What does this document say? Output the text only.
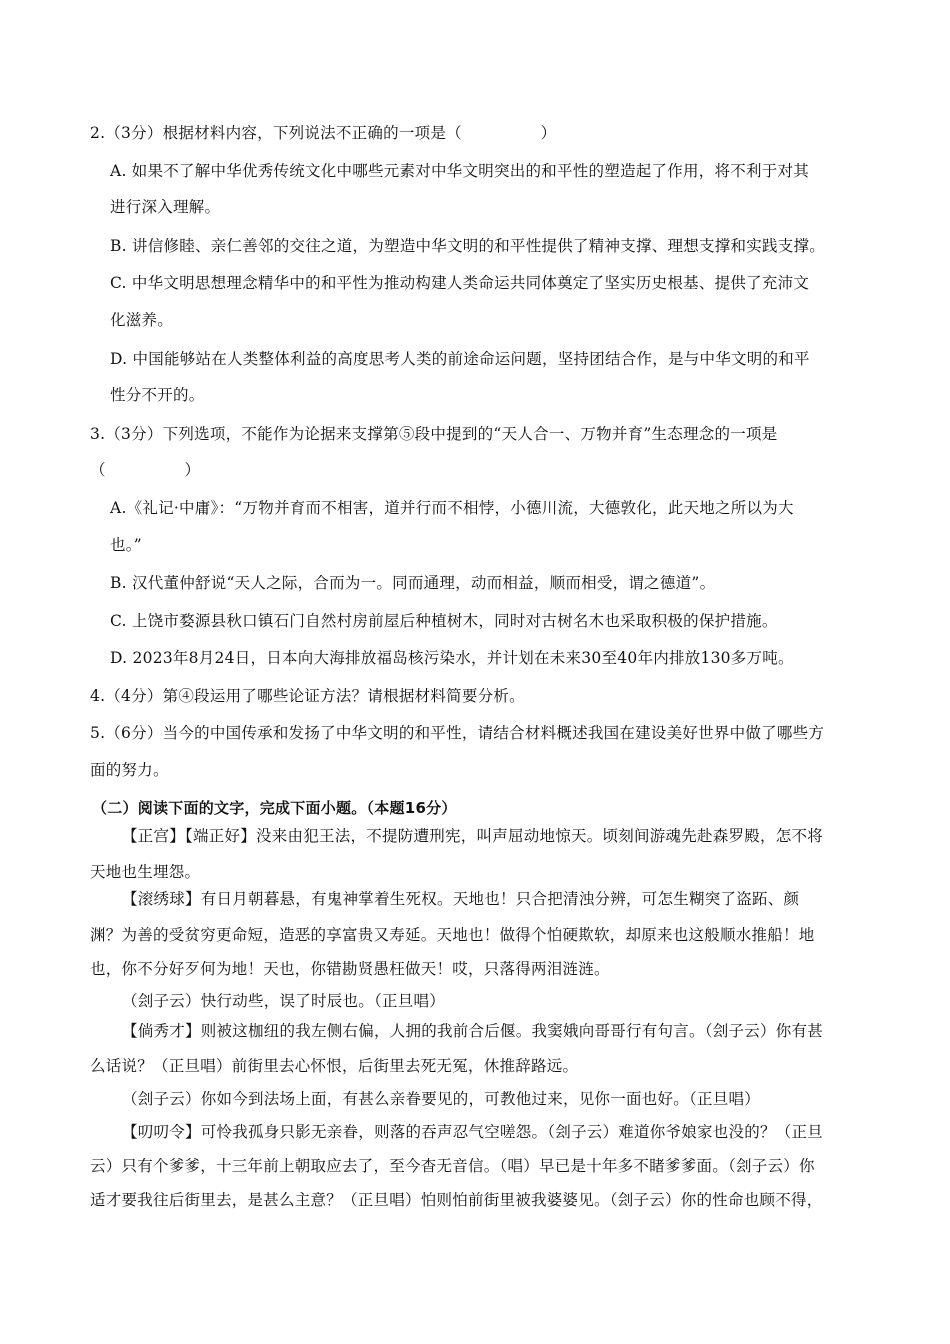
2.（3分）根据材料内容，下列说法不正确的一项是（　　　　　）
A. 如果不了解中华优秀传统文化中哪些元素对中华文明突出的和平性的塑造起了作用，将不利于对其
进行深入理解。
B. 讲信修睦、亲仁善邻的交往之道，为塑造中华文明的和平性提供了精神支撑、理想支撑和实践支撑。
C. 中华文明思想理念精华中的和平性为推动构建人类命运共同体奠定了坚实历史根基、提供了充沛文
化滋养。
D. 中国能够站在人类整体利益的高度思考人类的前途命运问题，坚持团结合作，是与中华文明的和平
性分不开的。
3.（3分）下列选项，不能作为论据来支撑第⑤段中提到的“天人合一、万物并育”生态理念的一项是
（　　　　　）
A.《礼记·中庸》：“万物并育而不相害，道并行而不相悖，小德川流，大德敦化，此天地之所以为大
也。”
B. 汉代董仲舒说“天人之际，合而为一。同而通理，动而相益，顺而相受，谓之德道”。
C. 上饶市婺源县秋口镇石门自然村房前屋后种植树木，同时对古树名木也采取积极的保护措施。
D. 2023年8月24日，日本向大海排放福岛核污染水，并计划在未来30至40年内排放130多万吨。
4.（4分）第④段运用了哪些论证方法？请根据材料简要分析。
5.（6分）当今的中国传承和发扬了中华文明的和平性，请结合材料概述我国在建设美好世界中做了哪些方
面的努力。
（二）阅读下面的文字，完成下面小题。（本题16分）
【正宫】【端正好】没来由犯王法，不提防遭刑宪，叫声屈动地惊天。顷刻间游魂先赴森罗殿，怎不将
天地也生埋怨。
【滚绣球】有日月朝暮悬，有鬼神掌着生死权。天地也！只合把清浊分辨，可怎生糊突了盗跖、颜
渊？为善的受贫穷更命短，造恶的享富贵又寿延。天地也！做得个怕硬欺软，却原来也这般顺水推船！地
也，你不分好歹何为地！天也，你错勘贤愚枉做天！哎，只落得两泪涟涟。
（刽子云）快行动些，误了时辰也。（正旦唱）
【倘秀才】则被这枷纽的我左侧右偏，人拥的我前合后偃。我窦娥向哥哥行有句言。（刽子云）你有甚
么话说？（正旦唱）前街里去心怀恨，后街里去死无冤，休推辞路远。
（刽子云）你如今到法场上面，有甚么亲眷要见的，可教他过来，见你一面也好。（正旦唱）
【叨叨令】可怜我孤身只影无亲眷，则落的吞声忍气空嗟怨。（刽子云）难道你爷娘家也没的？（正旦
云）只有个爹爹，十三年前上朝取应去了，至今杳无音信。（唱）早已是十年多不睹爹爹面。（刽子云）你
适才要我往后街里去，是甚么主意？（正旦唱）怕则怕前街里被我婆婆见。（刽子云）你的性命也顾不得，
